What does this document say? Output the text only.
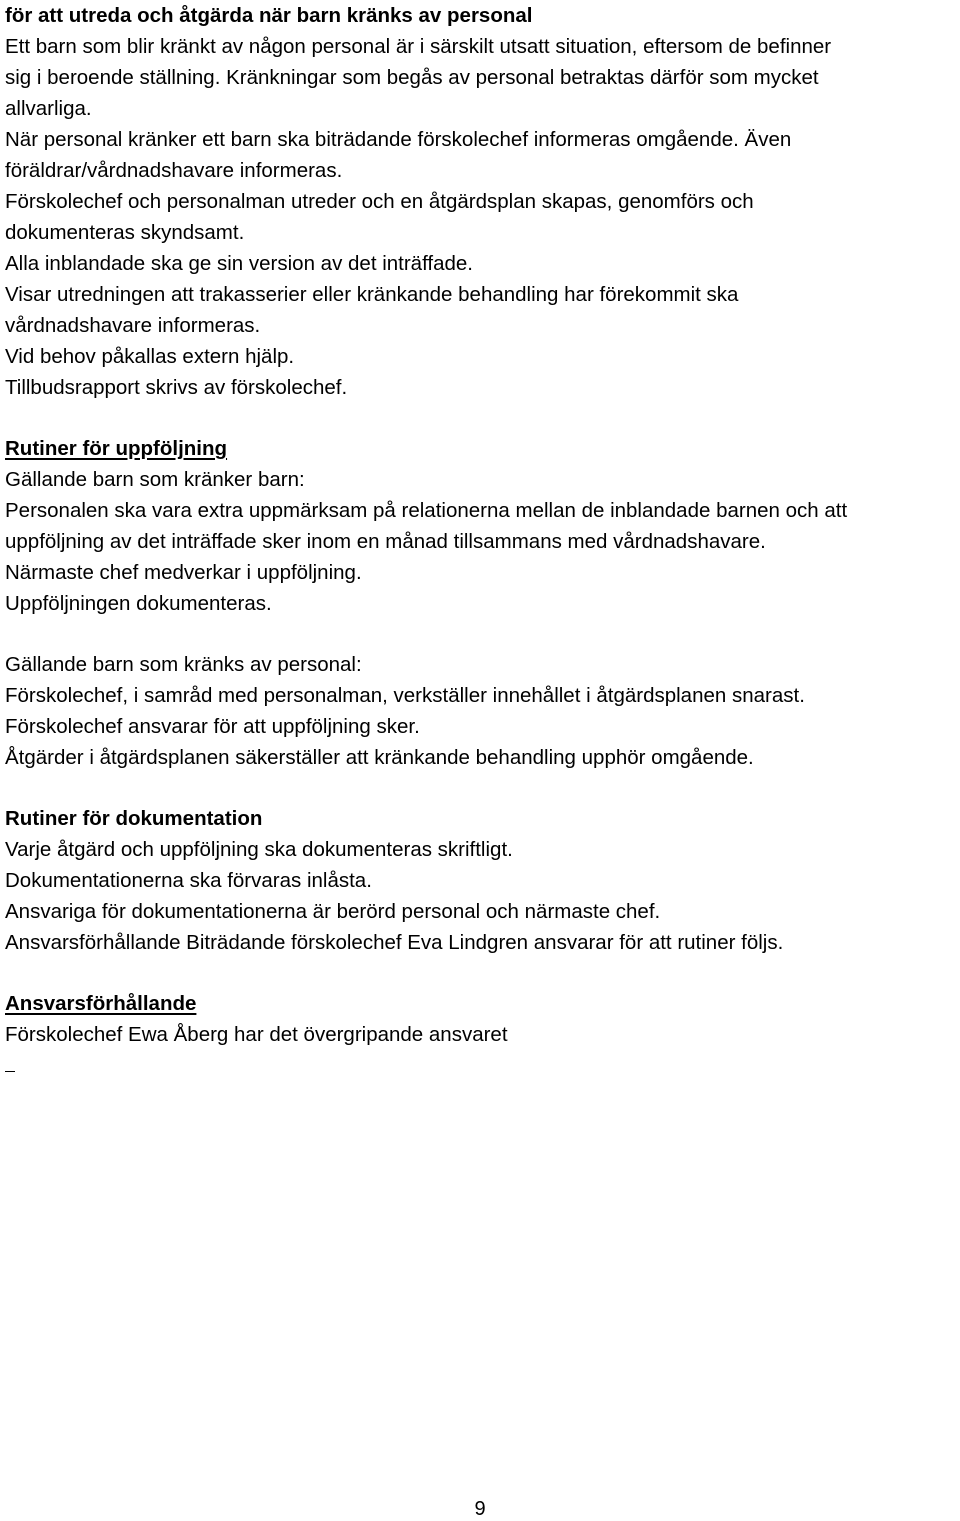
för att utreda och åtgärda när barn kränks av personal
Ett barn som blir kränkt av någon personal är i särskilt utsatt situation, eftersom de befinner
sig i beroende ställning. Kränkningar som begås av personal betraktas därför som mycket
allvarliga.
När personal kränker ett barn ska biträdande förskolechef informeras omgående. Även
föräldrar/vårdnadshavare informeras.
Förskolechef och personalman utreder och en åtgärdsplan skapas, genomförs och
dokumenteras skyndsamt.
Alla inblandade ska ge sin version av det inträffade.
Visar utredningen att trakasserier eller kränkande behandling har förekommit ska
vårdnadshavare informeras.
Vid behov påkallas extern hjälp.
Tillbudsrapport skrivs av förskolechef.
Rutiner för uppföljning
Gällande barn som kränker barn:
Personalen ska vara extra uppmärksam på relationerna mellan de inblandade barnen och att
uppföljning av det inträffade sker inom en månad tillsammans med vårdnadshavare.
Närmaste chef medverkar i uppföljning.
Uppföljningen dokumenteras.
Gällande barn som kränks av personal:
Förskolechef, i samråd med personalman, verkställer innehållet i åtgärdsplanen snarast.
Förskolechef ansvarar för att uppföljning sker.
Åtgärder i åtgärdsplanen säkerställer att kränkande behandling upphör omgående.
Rutiner för dokumentation
Varje åtgärd och uppföljning ska dokumenteras skriftligt.
Dokumentationerna ska förvaras inlåsta.
Ansvariga för dokumentationerna är berörd personal och närmaste chef.
Ansvarsförhållande Biträdande förskolechef Eva Lindgren ansvarar för att rutiner följs.
Ansvarsförhållande
Förskolechef Ewa Åberg har det övergripande ansvaret
9
